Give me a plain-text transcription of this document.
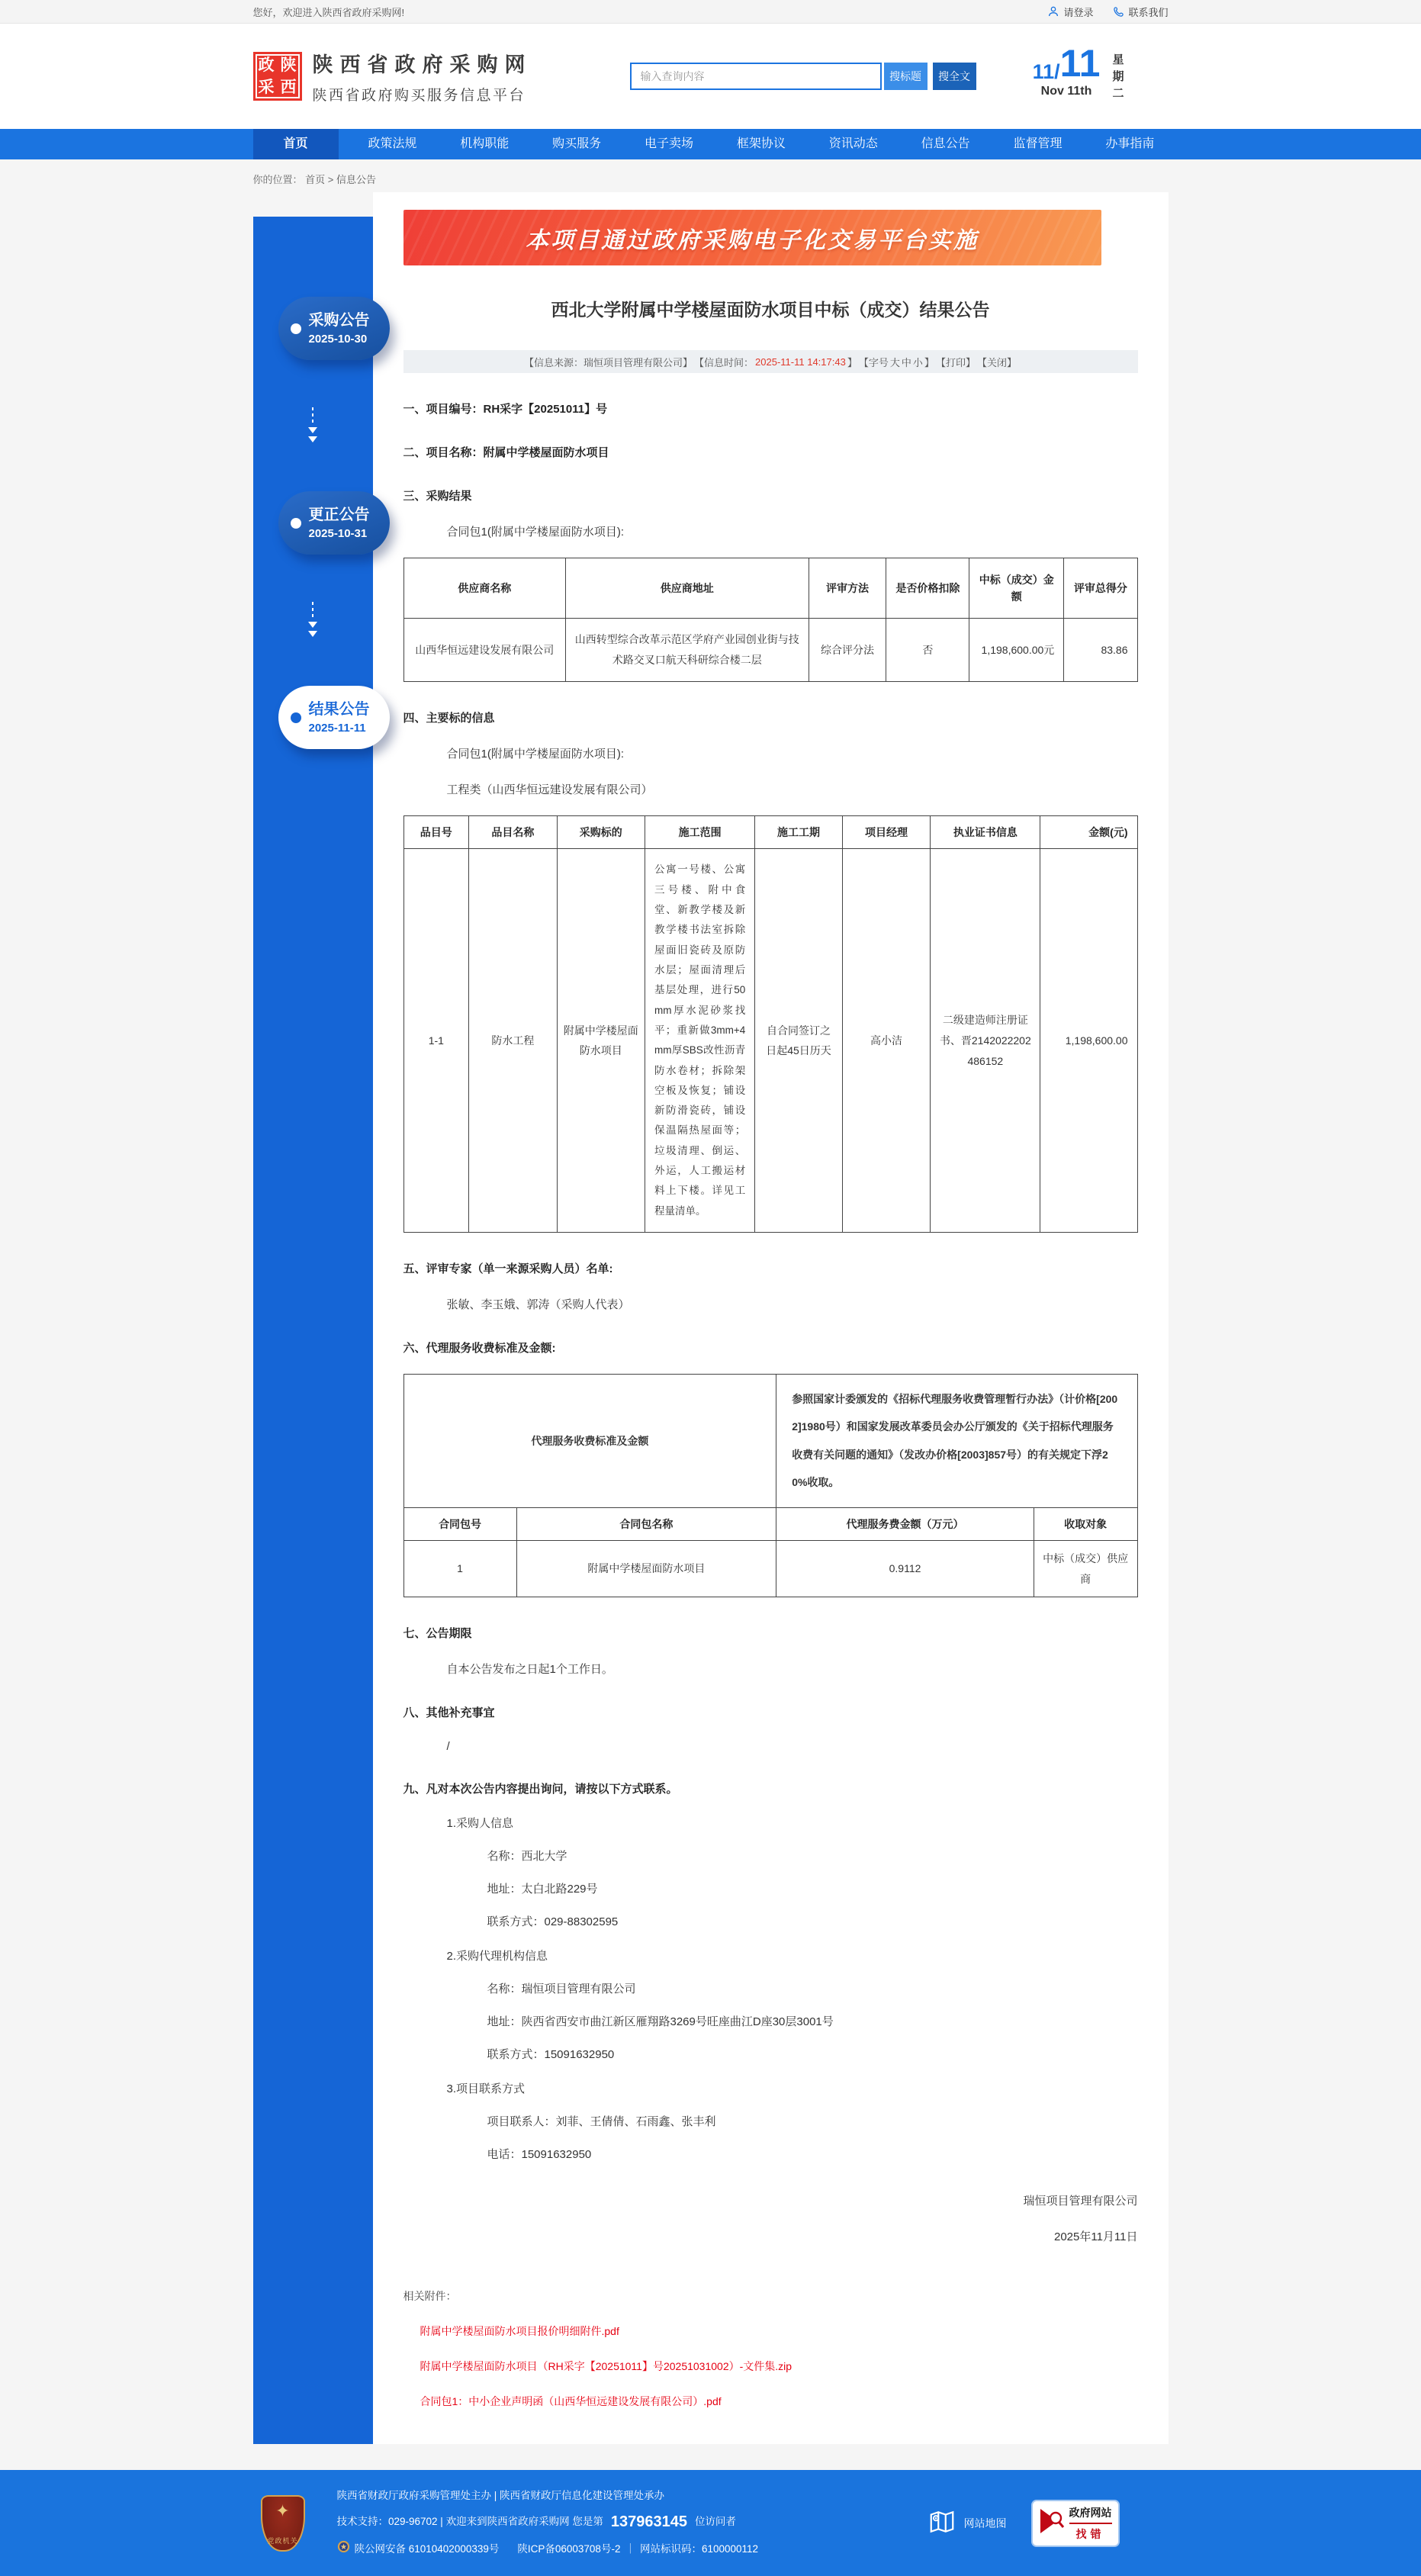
您好，欢迎进入陕西省政府采购网!	请登录	联系我们
政 陕
采 西
陕西省政府采购网
陕西省政府购买服务信息平台
输入查询内容
搜标题	搜全文	11/ 11
Nov 11th
星
期
二
首页	政策法规	机构职能	购买服务	电子卖场	框架协议	资讯动态	信息公告	监督管理	办事指南
你的位置： 首页 > 信息公告
采购公告
2025-10-30
更正公告
2025-10-31
结果公告
2025-11-11
本项目通过政府采购电子化交易平台实施
西北大学附属中学楼屋面防水项目中标（成交）结果公告
【信息来源：瑞恒项目管理有限公司】 【信息时间： 2025-11-11 14:17:43 】 【字号 大 中 小 】 【打印】 【关闭】
一、项目编号：RH采字【20251011】号
二、项目名称：附属中学楼屋面防水项目
三、采购结果
合同包1(附属中学楼屋面防水项目):
供应商名称	供应商地址	评审方法	是否价格扣除	中标（成交）金额	评审总得分
山西华恒远建设发展有限公司	山西转型综合改革示范区学府产业园创业街与技术路交叉口航天科研综合楼二层	综合评分法	否	1,198,600.00元	83.86
四、主要标的信息
合同包1(附属中学楼屋面防水项目):
工程类（山西华恒远建设发展有限公司）
品目号	品目名称	采购标的	施工范围	施工工期	项目经理	执业证书信息	金额(元)
1-1	防水工程	附属中学楼屋面防水项目	公寓一号楼、公寓三号楼、附中食堂、新教学楼及新教学楼书法室拆除屋面旧瓷砖及原防水层；屋面清理后基层处理，进行50mm厚水泥砂浆找平；重新做3mm+4mm厚SBS改性沥青防水卷材；拆除架空板及恢复；铺设新防滑瓷砖，铺设保温隔热屋面等；垃圾清理、倒运、外运，人工搬运材料上下楼。详见工程量清单。	自合同签订之日起45日历天	高小洁	二级建造师注册证书、晋2142022202486152	1,198,600.00
五、评审专家（单一来源采购人员）名单:
张敏、李玉娥、郭涛（采购人代表）
六、代理服务收费标准及金额:
代理服务收费标准及金额		参照国家计委颁发的《招标代理服务收费管理暂行办法》（计价格[2002]1980号）和国家发展改革委员会办公厅颁发的《关于招标代理服务收费有关问题的通知》（发改办价格[2003]857号）的有关规定下浮20%收取。	
合同包号	合同包名称	代理服务费金额（万元）	收取对象
1	附属中学楼屋面防水项目	0.9112	中标（成交）供应商
七、公告期限
自本公告发布之日起1个工作日。
八、其他补充事宜
/
九、凡对本次公告内容提出询问，请按以下方式联系。
1.采购人信息
名称：西北大学
地址：太白北路229号
联系方式：029-88302595
2.采购代理机构信息
名称：瑞恒项目管理有限公司
地址：陕西省西安市曲江新区雁翔路3269号旺座曲江D座30层3001号
联系方式：15091632950
3.项目联系方式
项目联系人：刘菲、王倩倩、石雨鑫、张丰利
电话：15091632950
瑞恒项目管理有限公司
2025年11月11日
相关附件：
附属中学楼屋面防水项目报价明细附件.pdf
附属中学楼屋面防水项目（RH采字【20251011】号20251031002）-文件集.zip
合同包1：中小企业声明函（山西华恒远建设发展有限公司）.pdf
✦
党政机关
陕西省财政厅政府采购管理处主办 | 陕西省财政厅信息化建设管理处承办
技术支持：029-96702 | 欢迎来到陕西省政府采购网 您是第 137963145 位访问者
陕公网安备 61010402000339号 陕ICP备06003708号-2 ｜ 网站标识码：6100000112
网站地图
政府网站
找错
